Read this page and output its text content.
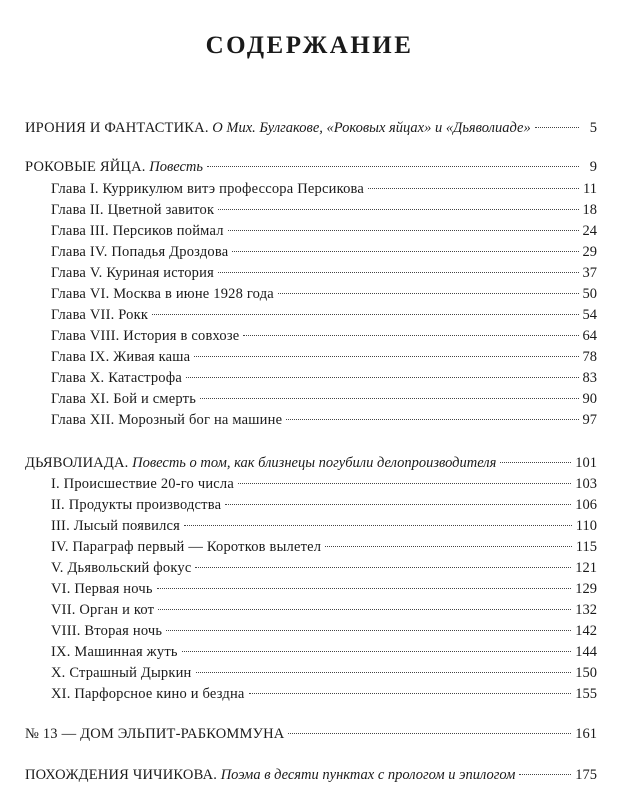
СОДЕРЖАНИЕ
ИРОНИЯ И ФАНТАСТИКА. О Мих. Булгакове, «Роковых яйцах» и «Дьяволиаде»	5
РОКОВЫЕ ЯЙЦА. Повесть	9
Глава I. Куррикулюм витэ профессора Персикова	11
Глава II. Цветной завиток	18
Глава III. Персиков поймал	24
Глава IV. Попадья Дроздова	29
Глава V. Куриная история	37
Глава VI. Москва в июне 1928 года	50
Глава VII. Рокк	54
Глава VIII. История в совхозе	64
Глава IX. Живая каша	78
Глава X. Катастрофа	83
Глава XI. Бой и смерть	90
Глава XII. Морозный бог на машине	97
ДЬЯВОЛИАДА. Повесть о том, как близнецы погубили делопроизводителя	101
I. Происшествие 20-го числа	103
II. Продукты производства	106
III. Лысый появился	110
IV. Параграф первый — Коротков вылетел	115
V. Дьявольский фокус	121
VI. Первая ночь	129
VII. Орган и кот	132
VIII. Вторая ночь	142
IX. Машинная жуть	144
X. Страшный Дыркин	150
XI. Парфорсное кино и бездна	155
№ 13 — ДОМ ЭЛЬПИТ-РАБКОММУНА	161
ПОХОЖДЕНИЯ ЧИЧИКОВА. Поэма в десяти пунктах с прологом и эпилогом	175
